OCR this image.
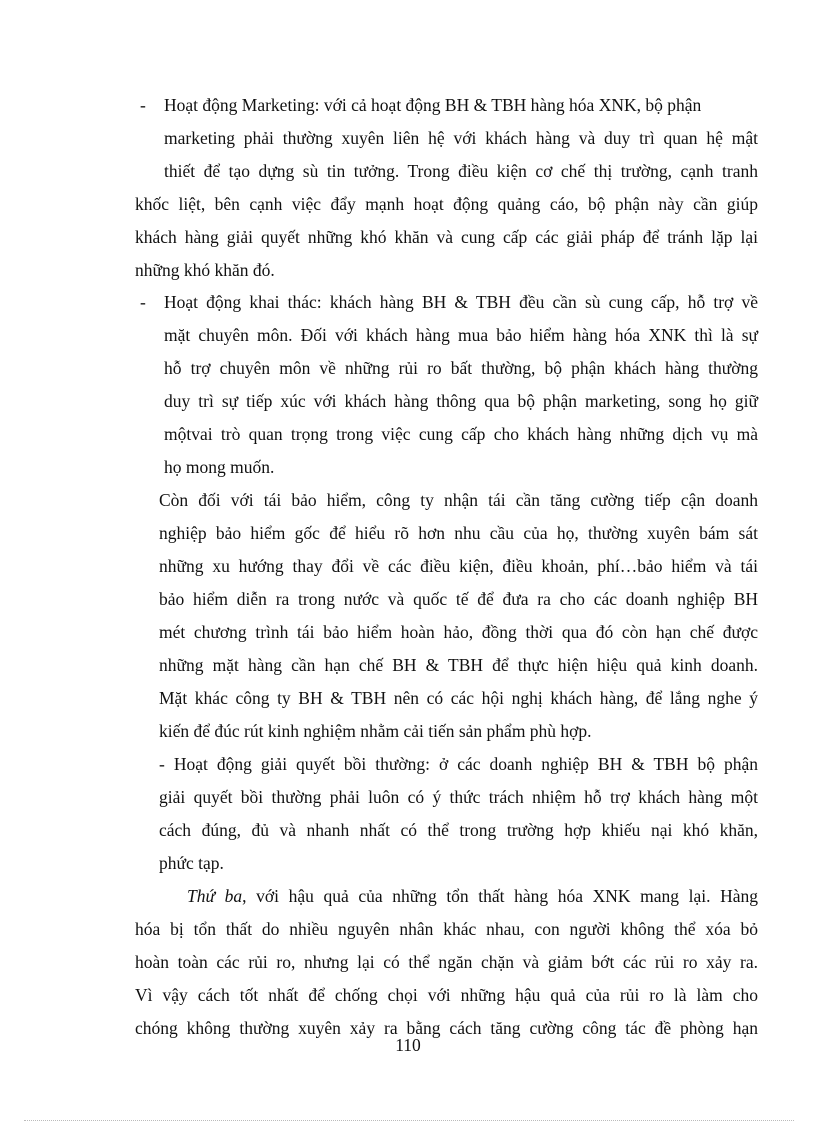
- Hoạt động Marketing: với cả hoạt động BH & TBH hàng hóa XNK, bộ phận
marketing phải thường xuyên liên hệ với khách hàng và duy trì quan hệ mật
thiết để tạo dựng sù tin tưởng. Trong điều kiện cơ chế thị trường, cạnh tranh
khốc liệt, bên cạnh việc đẩy mạnh hoạt động quảng cáo, bộ phận này cần giúp
khách hàng giải quyết những khó khăn và cung cấp các giải pháp để tránh lặp lại
những khó khăn đó.
- Hoạt động khai thác: khách hàng BH & TBH đều cần sù cung cấp, hỗ trợ về
mặt chuyên môn. Đối với khách hàng mua bảo hiểm hàng hóa XNK thì là sự
hỗ trợ chuyên môn về những rủi ro bất thường, bộ phận khách hàng thường
duy trì sự tiếp xúc với khách hàng thông qua bộ phận marketing, song họ giữ
mộtvai trò quan trọng trong việc cung cấp cho khách hàng những dịch vụ mà
họ mong muốn.
Còn đối với tái bảo hiểm, công ty nhận tái cần tăng cường tiếp cận doanh
nghiệp bảo hiểm gốc để hiểu rõ hơn nhu cầu của họ, thường xuyên bám sát
những xu hướng thay đổi về các điều kiện, điều khoản, phí…bảo hiểm và tái
bảo hiểm diễn ra trong nước và quốc tế để đưa ra cho các doanh nghiệp BH
mét chương trình tái bảo hiểm hoàn hảo, đồng thời qua đó còn hạn chế được
những mặt hàng cần hạn chế BH & TBH để thực hiện hiệu quả kinh doanh.
Mặt khác công ty BH & TBH nên có các hội nghị khách hàng, để lắng nghe ý
kiến để đúc rút kinh nghiệm nhằm cải tiến sản phẩm phù hợp.
- Hoạt động giải quyết bồi thường: ở các doanh nghiệp BH & TBH bộ phận
giải quyết bồi thường phải luôn có ý thức trách nhiệm hỗ trợ khách hàng một
cách đúng, đủ và nhanh nhất có thể trong trường hợp khiếu nại khó khăn,
phức tạp.
Thứ ba, với hậu quả của những tổn thất hàng hóa XNK mang lại. Hàng
hóa bị tổn thất do nhiều nguyên nhân khác nhau, con người không thể xóa bỏ
hoàn toàn các rủi ro, nhưng lại có thể ngăn chặn và giảm bớt các rủi ro xảy ra.
Vì vậy cách tốt nhất để chống chọi với những hậu quả của rủi ro là làm cho
chóng không thường xuyên xảy ra bằng cách tăng cường công tác đề phòng hạn
110
